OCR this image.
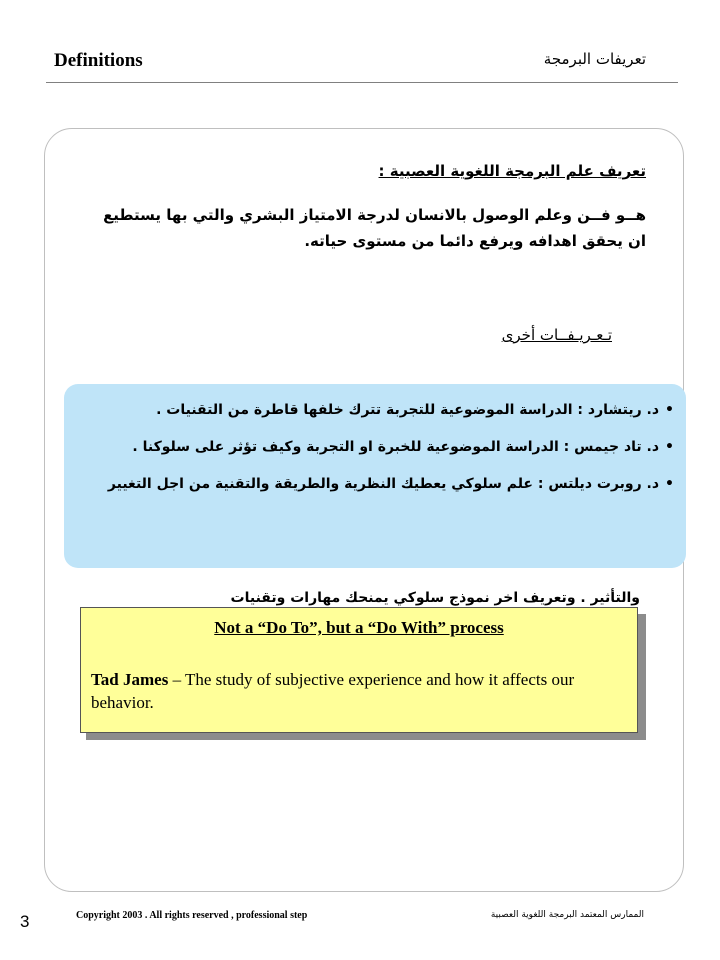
Definitions	تعريفات البرمجة
تعريف علم البرمجة اللغوية العصبية :
هــو فــن وعلم الوصول بالانسان لدرجة الامتياز البشري والتي بها يستطيع ان يحقق اهدافه ويرفع دائما من مستوى حياته.
تـعـريـفــات أخرى
•د. ريتشارد : الدراسة الموضوعية للتجربة تترك خلفها قاطرة من التقنيات .
•د. تاد جيمس : الدراسة الموضوعية للخبرة او التجربة وكيف تؤثر على سلوكنا .
•د. روبرت ديلتس : علم سلوكي يعطيك النظرية والطريقة والتقنية من اجل التغيير
والتأثير . وتعريف اخر نموذج سلوكي يمنحك مهارات وتقنيات
Not a “Do To”, but a “Do With” process
Tad James – The study of subjective experience and how it affects our behavior.
3	Copyright 2003 . All rights reserved , professional step	الممارس المعتمد البرمجة اللغوية العصبية
